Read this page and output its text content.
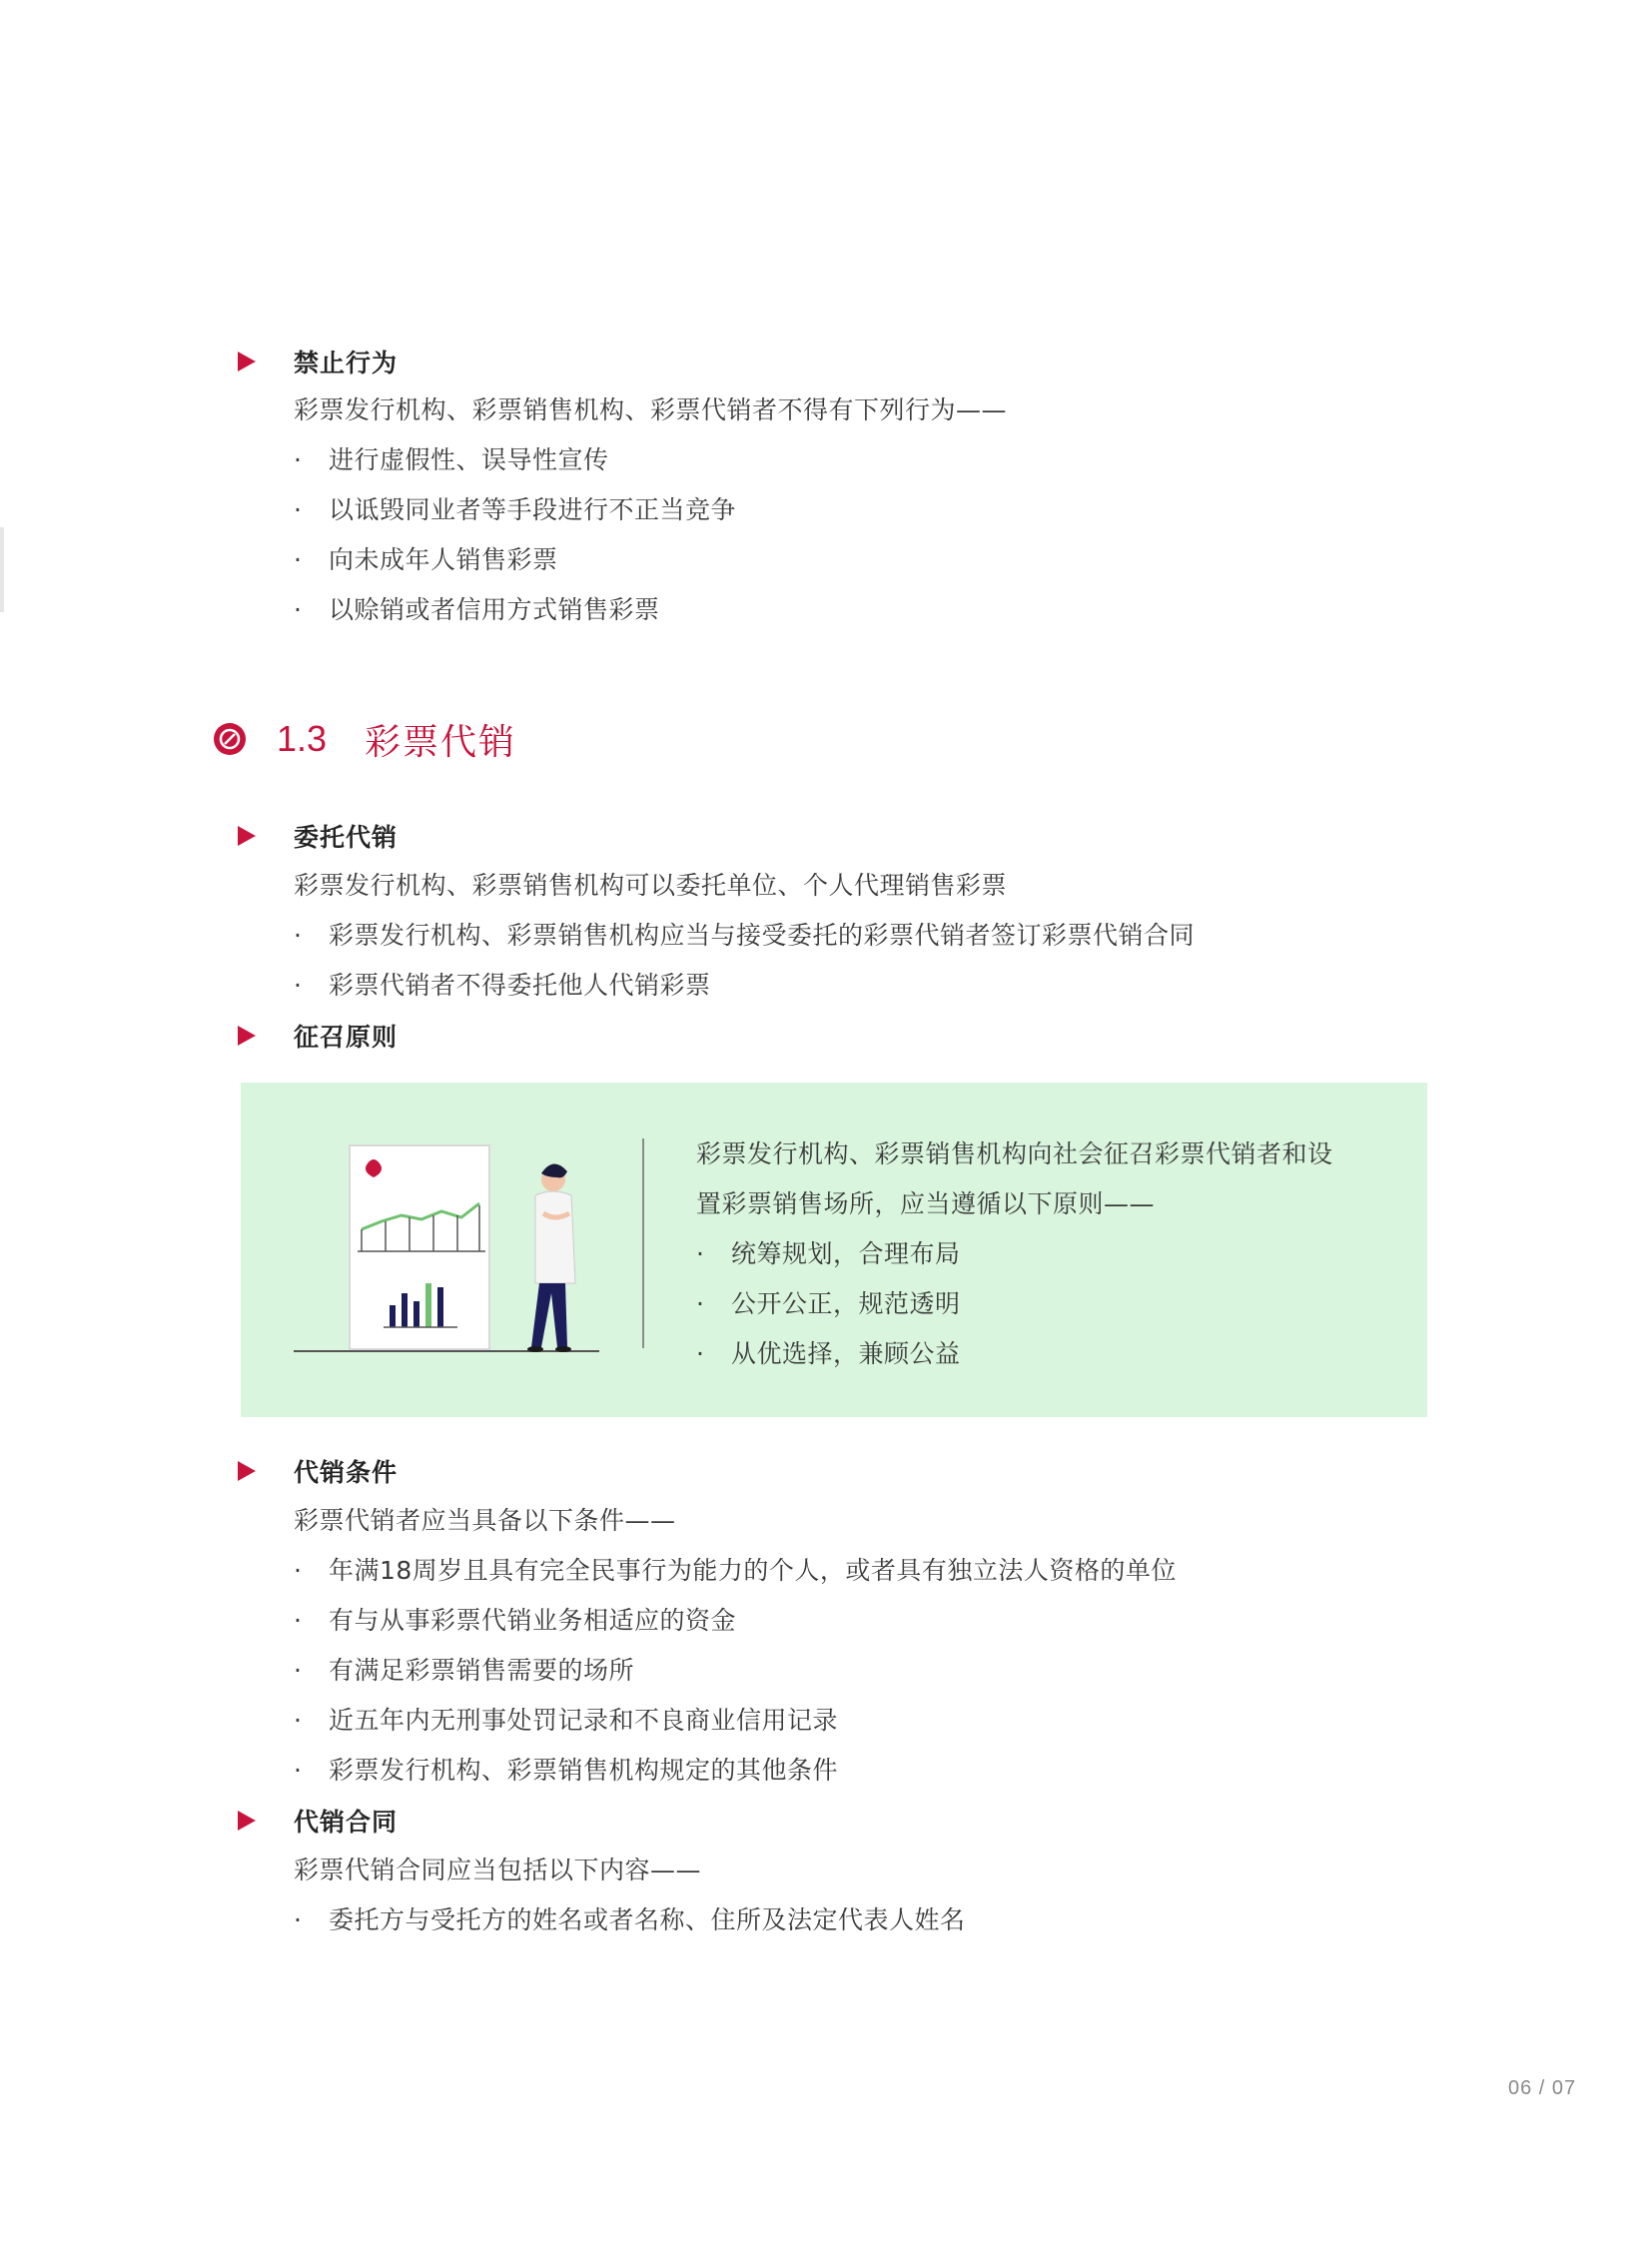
禁止行为
彩票发行机构、彩票销售机构、彩票代销者不得有下列行为——
·	进行虚假性、误导性宣传
·	以诋毁同业者等手段进行不正当竞争
·	向未成年人销售彩票
·	以赊销或者信用方式销售彩票
1.3 彩票代销
委托代销
彩票发行机构、彩票销售机构可以委托单位、个人代理销售彩票
·	彩票发行机构、彩票销售机构应当与接受委托的彩票代销者签订彩票代销合同
·	彩票代销者不得委托他人代销彩票
征召原则
彩票发行机构、彩票销售机构向社会征召彩票代销者和设
置彩票销售场所，应当遵循以下原则——
·	统筹规划，合理布局
·	公开公正，规范透明
·	从优选择，兼顾公益
代销条件
彩票代销者应当具备以下条件——
·	年满18周岁且具有完全民事行为能力的个人，或者具有独立法人资格的单位
·	有与从事彩票代销业务相适应的资金
·	有满足彩票销售需要的场所
·	近五年内无刑事处罚记录和不良商业信用记录
·	彩票发行机构、彩票销售机构规定的其他条件
代销合同
彩票代销合同应当包括以下内容——
·	委托方与受托方的姓名或者名称、住所及法定代表人姓名
06 / 07
